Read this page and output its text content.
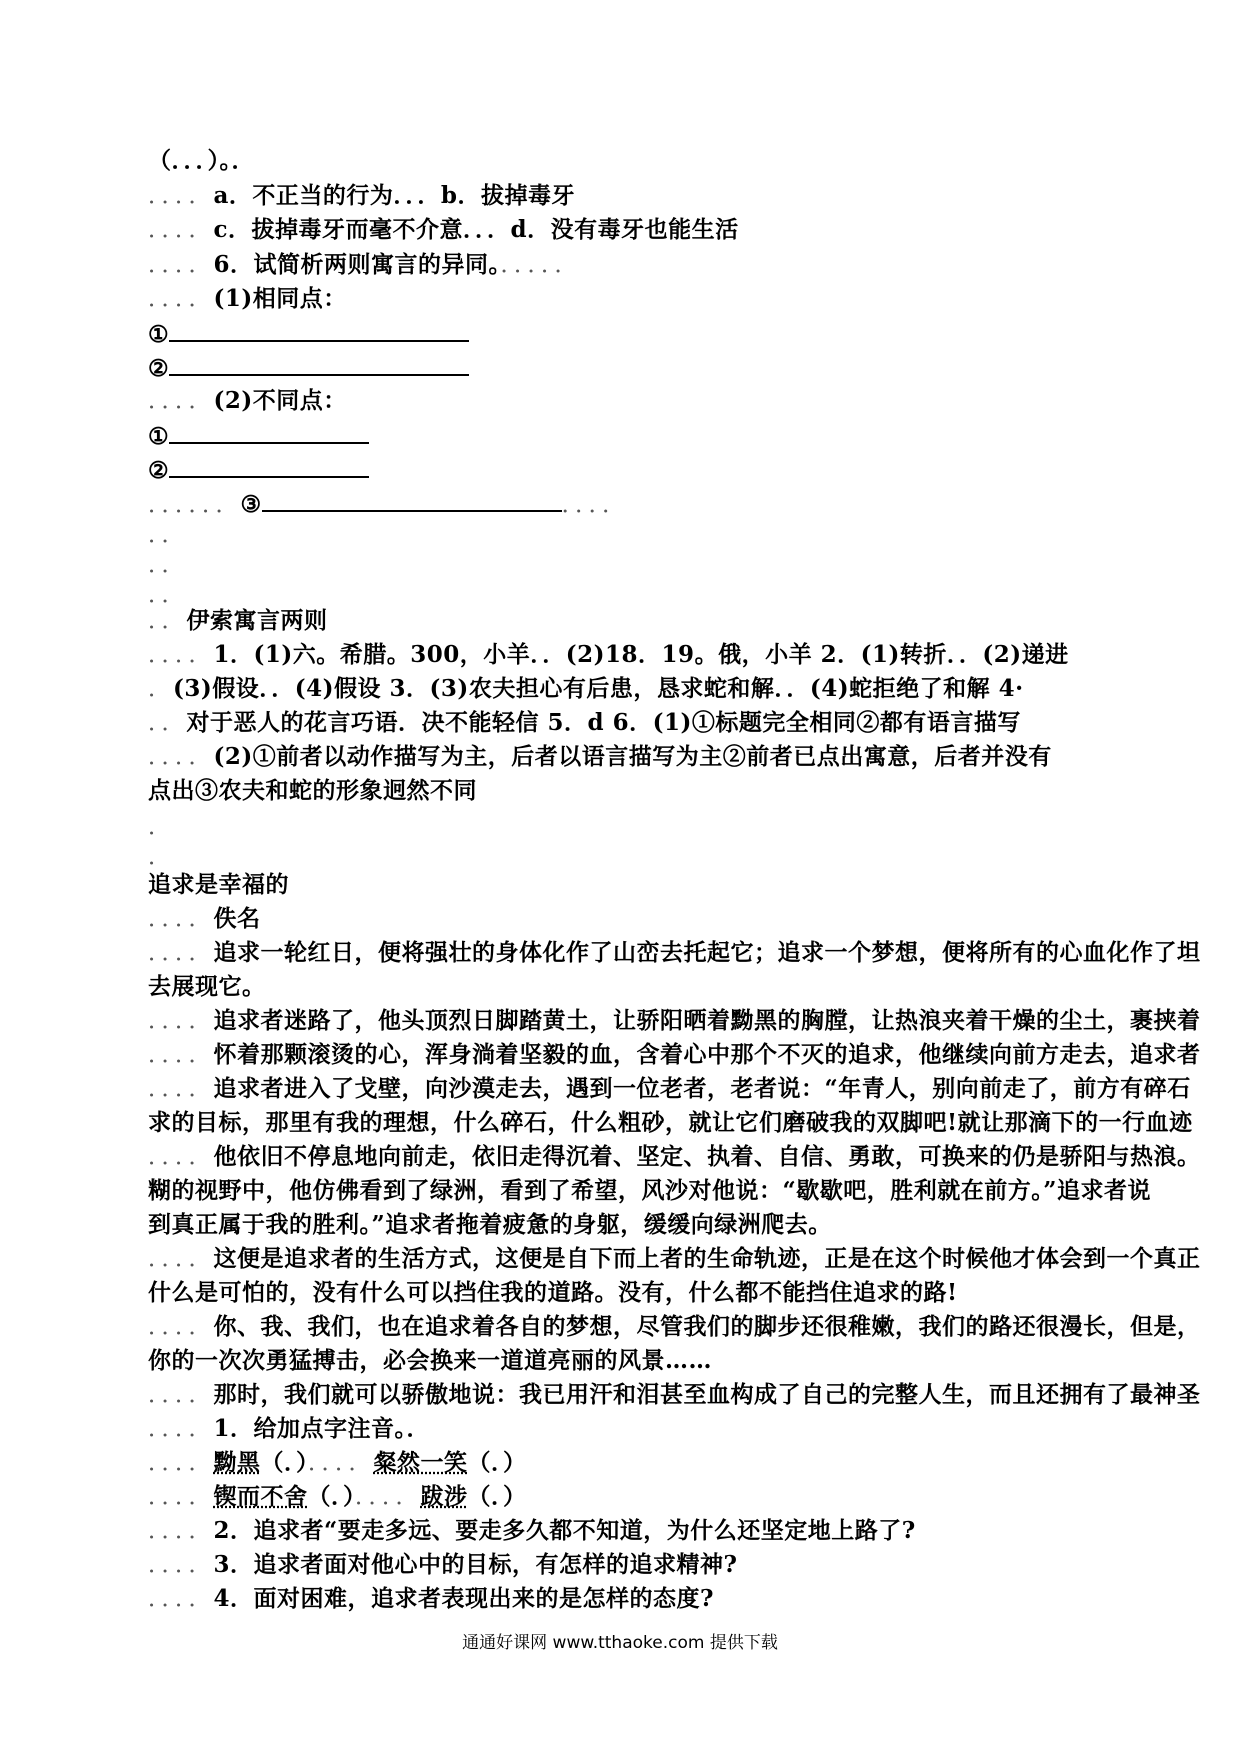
（．．．）。．
．．．．a．不正当的行为．．．b．拔掉毒牙
．．．．c．拔掉毒牙而毫不介意．．．d．没有毒牙也能生活
．．．．6．试简析两则寓言的异同。．．．．．
．．．．(1)相同点：
①
②
．．．．(2)不同点：
①
②
．．．．．．③	．．．．
．．
．．
．．
．．伊索寓言两则
．．．．1．(1)六。希腊。300，小羊．．(2)18．19。俄，小羊 2．(1)转折．．(2)递进
．(3)假设．．(4)假设 3．(3)农夫担心有后患，恳求蛇和解．．(4)蛇拒绝了和解 4·
．．对于恶人的花言巧语．决不能轻信 5．d 6．(1)①标题完全相同②都有语言描写
．．．．(2)①前者以动作描写为主，后者以语言描写为主②前者已点出寓意，后者并没有
点出③农夫和蛇的形象迥然不同
．
．
追求是幸福的
．．．．佚名
．．．．追求一轮红日，便将强壮的身体化作了山峦去托起它；追求一个梦想，便将所有的心血化作了坦
去展现它。
．．．．追求者迷路了，他头顶烈日脚踏黄土，让骄阳晒着黝黑的胸膛，让热浪夹着干燥的尘土，裹挟着
．．．．怀着那颗滚烫的心，浑身淌着坚毅的血，含着心中那个不灭的追求，他继续向前方走去，追求者
．．．．追求者进入了戈壁，向沙漠走去，遇到一位老者，老者说：“年青人，别向前走了，前方有碎石
求的目标，那里有我的理想，什么碎石，什么粗砂，就让它们磨破我的双脚吧!就让那滴下的一行血迹
．．．．他依旧不停息地向前走，依旧走得沉着、坚定、执着、自信、勇敢，可换来的仍是骄阳与热浪。
糊的视野中，他仿佛看到了绿洲，看到了希望，风沙对他说：“歇歇吧，胜利就在前方。”追求者说
到真正属于我的胜利。”追求者拖着疲惫的身躯，缓缓向绿洲爬去。
．．．．这便是追求者的生活方式，这便是自下而上者的生命轨迹，正是在这个时候他才体会到一个真正
什么是可怕的，没有什么可以挡住我的道路。没有，什么都不能挡住追求的路!
．．．．你、我、我们，也在追求着各自的梦想，尽管我们的脚步还很稚嫩，我们的路还很漫长，但是，
你的一次次勇猛搏击，必会换来一道道亮丽的风景……
．．．．那时，我们就可以骄傲地说：我已用汗和泪甚至血构成了自己的完整人生，而且还拥有了最神圣
．．．．1．给加点字注音。．
．．．．黝黑（．）．．．．粲然一笑（．）
．．．．锲而不舍（．）．．．．跋涉（．）
．．．．2．追求者“要走多远、要走多久都不知道，为什么还坚定地上路了?
．．．．3．追求者面对他心中的目标，有怎样的追求精神?
．．．．4．面对困难，追求者表现出来的是怎样的态度?
通通好课网 www.tthaoke.com 提供下载
